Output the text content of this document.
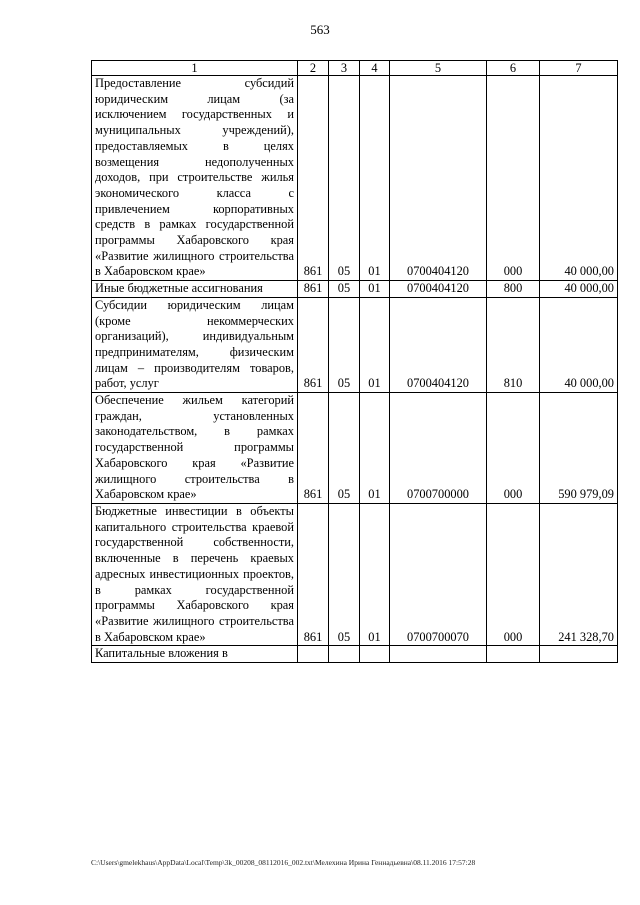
563
1	2	3	4	5	6	7
Предоставление субсидий юридическим лицам (за исключением государственных и муниципальных учреждений), предоставляемых в целях возмещения недополученных доходов, при строительстве жилья экономического класса с привлечением корпоративных средств в рамках государственной программы Хабаровского края «Развитие жилищного строительства в Хабаровском крае»	861	05	01	0700404120	000	40 000,00
Иные бюджетные ассигнования	861	05	01	0700404120	800	40 000,00
Субсидии юридическим лицам (кроме некоммерческих организаций), индивидуальным предпринимателям, физическим лицам – производителям товаров, работ, услуг	861	05	01	0700404120	810	40 000,00
Обеспечение жильем категорий граждан, установленных законодательством, в рамках государственной программы Хабаровского края «Развитие жилищного строительства в Хабаровском крае»	861	05	01	0700700000	000	590 979,09
Бюджетные инвестиции в объекты капитального строительства краевой государственной собственности, включенные в перечень краевых адресных инвестиционных проектов, в рамках государственной программы Хабаровского края «Развитие жилищного строительства в Хабаровском крае»	861	05	01	0700700070	000	241 328,70
Капитальные вложения в						
C:\Users\gmelekhaus\AppData\Local\Temp\3k_00208_08112016_002.txt\Мелехина Ирина Геннадьевна\08.11.2016 17:57:28
